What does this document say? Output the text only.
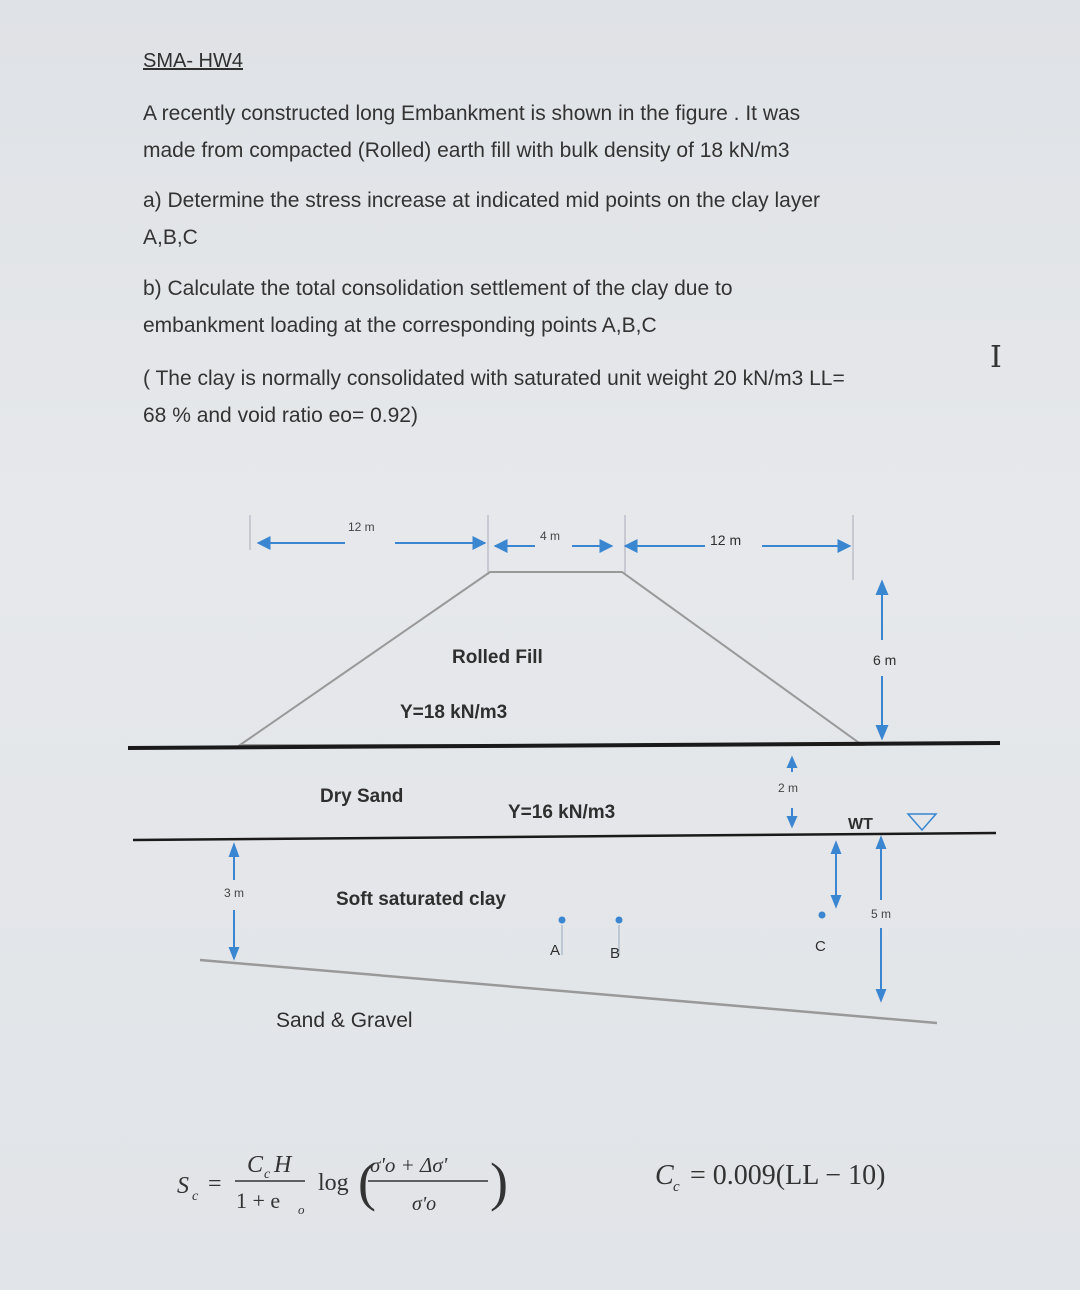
SMA- HW4
A recently constructed long Embankment is shown in the figure . It was
made from compacted (Rolled) earth fill with bulk density of 18 kN/m3
a) Determine the stress increase at indicated mid points on the clay layer
A,B,C
b) Calculate the total consolidation settlement of the clay due to
embankment loading at the corresponding points A,B,C
( The clay is normally consolidated with saturated unit weight 20 kN/m3 LL=
68 % and void ratio eo= 0.92)
I
12 m
4 m	12 m
Rolled Fill
Y=18 kN/m3
6 m
Dry Sand
Y=16 kN/m3
2 m
WT
Soft saturated clay
3 m
A	B	C
5 m
Sand & Gravel
S c =
C c H
1 + e o
log (
σ'o + Δσ'
σ'o )	C c = 0.009(LL − 10)
